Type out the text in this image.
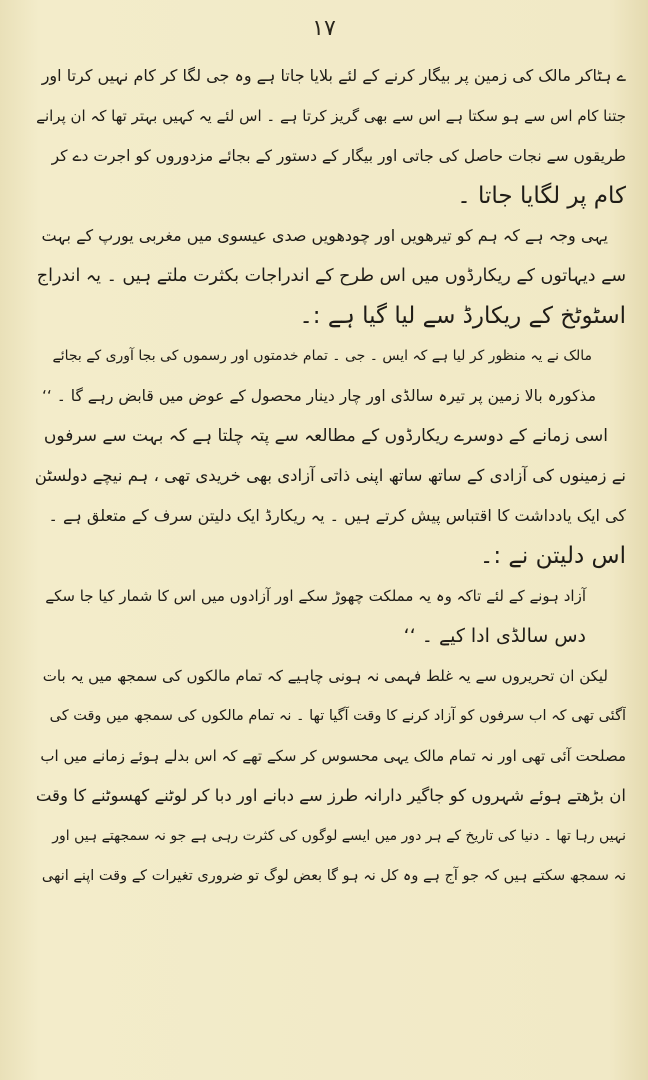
۱۷
ے ہٹاکر مالک کی زمین پر بیگار کرنے کے لئے بلایا جاتا ہے وہ جی لگا کر کام نہیں کرتا اور
جتنا کام اس سے ہو سکتا ہے اس سے بھی گریز کرتا ہے ۔ اس لئے یہ کہیں بہتر تھا کہ ان پرانے
طریقوں سے نجات حاصل کی جاتی اور بیگار کے دستور کے بجائے مزدوروں کو اجرت دے کر
کام پر لگایا جاتا ۔
یہی وجہ ہے کہ ہم کو تیرھویں اور چودھویں صدی عیسوی میں مغربی یورپ کے بہت
سے دیہاتوں کے ریکارڈوں میں اس طرح کے اندراجات بکثرت ملتے ہیں ۔ یہ اندراج
اسٹوٹخ کے ریکارڈ سے لیا گیا ہے :۔
مالک نے یہ منظور کر لیا ہے کہ ایس ۔ جی ۔ تمام خدمتوں اور رسموں کی بجا آوری کے بجائے
مذکورہ بالا زمین پر تیرہ سالڈی اور چار دینار محصول کے عوض میں قابض رہے گا ۔ ‘‘
اسی زمانے کے دوسرے ریکارڈوں کے مطالعہ سے پتہ چلتا ہے کہ بہت سے سرفوں
نے زمینوں کی آزادی کے ساتھ ساتھ اپنی ذاتی آزادی بھی خریدی تھی ، ہم نیچے دولسٹن
کی ایک یادداشت کا اقتباس پیش کرتے ہیں ۔ یہ ریکارڈ ایک دلیتن سرف کے متعلق ہے ۔
اس دلیتن نے :۔
آزاد ہونے کے لئے تاکہ وہ یہ مملکت چھوڑ سکے اور آزادوں میں اس کا شمار کیا جا سکے
دس سالڈی ادا کیے ۔ ‘‘
لیکن ان تحریروں سے یہ غلط فہمی نہ ہونی چاہیے کہ تمام مالکوں کی سمجھ میں یہ بات
آگئی تھی کہ اب سرفوں کو آزاد کرنے کا وقت آگیا تھا ۔ نہ تمام مالکوں کی سمجھ میں وقت کی
مصلحت آئی تھی اور نہ تمام مالک یہی محسوس کر سکے تھے کہ اس بدلے ہوئے زمانے میں اب
ان بڑھتے ہوئے شہروں کو جاگیر دارانہ طرز سے دبانے اور دبا کر لوٹنے کھسوٹنے کا وقت
نہیں رہا تھا ۔ دنیا کی تاریخ کے ہر دور میں ایسے لوگوں کی کثرت رہی ہے جو نہ سمجھتے ہیں اور
نہ سمجھ سکتے ہیں کہ جو آج ہے وہ کل نہ ہو گا بعض لوگ تو ضروری تغیرات کے وقت اپنے انھی
